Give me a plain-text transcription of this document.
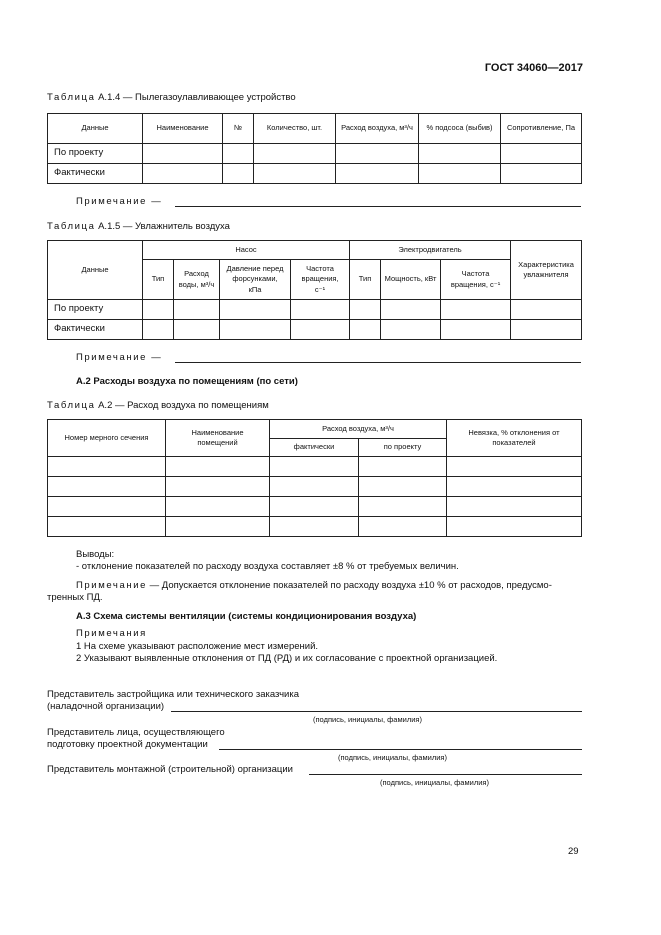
ГОСТ 34060—2017
Таблица А.1.4 — Пылегазоулавливающее устройство
Данные	Наименование	№	Количество, шт.	Расход воздуха, м³/ч	% подсоса (выбив)	Сопротивление, Па
По проекту						
Фактически						
Примечание —
Таблица А.1.5 — Увлажнитель воздуха
Данные	Насос				Электродвигатель			Характеристика увлажнителя
	Тип	Расход воды, м³/ч	Давление перед форсунками, кПа	Частота вращения, с⁻¹	Тип	Мощность, кВт	Частота вращения, с⁻¹	
По проекту								
Фактически								
Примечание —
А.2 Расходы воздуха по помещениям (по сети)
Таблица А.2 — Расход воздуха по помещениям
Номер мерного сечения	Наименование помещений	Расход воздуха, м³/ч		Невязка, % отклонения от показателей
		фактически	по проекту	

Выводы:
- отклонение показателей по расходу воздуха составляет ±8 % от требуемых величин.
Примечание — Допускается отклонение показателей по расходу воздуха ±10 % от расходов, предусмо-
тренных ПД.
А.3 Схема системы вентиляции (системы кондиционирования воздуха)
Примечания
1 На схеме указывают расположение мест измерений.
2 Указывают выявленные отклонения от ПД (РД) и их согласование с проектной организацией.
Представитель застройщика или технического заказчика
(наладочной организации)
(подпись, инициалы, фамилия)
Представитель лица, осуществляющего
подготовку проектной документации
(подпись, инициалы, фамилия)
Представитель монтажной (строительной) организации
(подпись, инициалы, фамилия)
29
